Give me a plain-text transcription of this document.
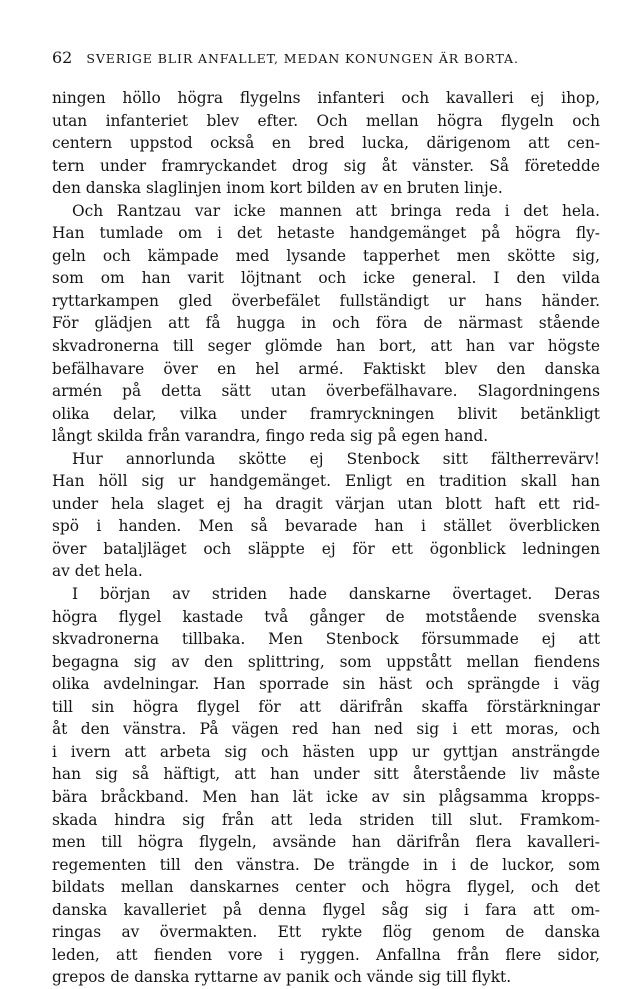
62 SVERIGE BLIR ANFALLET, MEDAN KONUNGEN ÄR BORTA.
ningen höllo högra flygelns infanteri och kavalleri ej ihop,
utan infanteriet blev efter. Och mellan högra flygeln och
centern uppstod också en bred lucka, därigenom att cen-
tern under framryckandet drog sig åt vänster. Så företedde
den danska slaglinjen inom kort bilden av en bruten linje.
Och Rantzau var icke mannen att bringa reda i det hela.
Han tumlade om i det hetaste handgemänget på högra fly-
geln och kämpade med lysande tapperhet men skötte sig,
som om han varit löjtnant och icke general. I den vilda
ryttarkampen gled överbefälet fullständigt ur hans händer.
För glädjen att få hugga in och föra de närmast stående
skvadronerna till seger glömde han bort, att han var högste
befälhavare över en hel armé. Faktiskt blev den danska
armén på detta sätt utan överbefälhavare. Slagordningens
olika delar, vilka under framryckningen blivit betänkligt
långt skilda från varandra, fingo reda sig på egen hand.
Hur annorlunda skötte ej Stenbock sitt fältherrevärv!
Han höll sig ur handgemänget. Enligt en tradition skall han
under hela slaget ej ha dragit värjan utan blott haft ett rid-
spö i handen. Men så bevarade han i stället överblicken
över bataljläget och släppte ej för ett ögonblick ledningen
av det hela.
I början av striden hade danskarne övertaget. Deras
högra flygel kastade två gånger de motstående svenska
skvadronerna tillbaka. Men Stenbock försummade ej att
begagna sig av den splittring, som uppstått mellan fiendens
olika avdelningar. Han sporrade sin häst och sprängde i väg
till sin högra flygel för att därifrån skaffa förstärkningar
åt den vänstra. På vägen red han ned sig i ett moras, och
i ivern att arbeta sig och hästen upp ur gyttjan ansträngde
han sig så häftigt, att han under sitt återstående liv måste
bära bråckband. Men han lät icke av sin plågsamma kropps-
skada hindra sig från att leda striden till slut. Framkom-
men till högra flygeln, avsände han därifrån flera kavalleri-
regementen till den vänstra. De trängde in i de luckor, som
bildats mellan danskarnes center och högra flygel, och det
danska kavalleriet på denna flygel såg sig i fara att om-
ringas av övermakten. Ett rykte flög genom de danska
leden, att fienden vore i ryggen. Anfallna från flere sidor,
grepos de danska ryttarne av panik och vände sig till flykt.
